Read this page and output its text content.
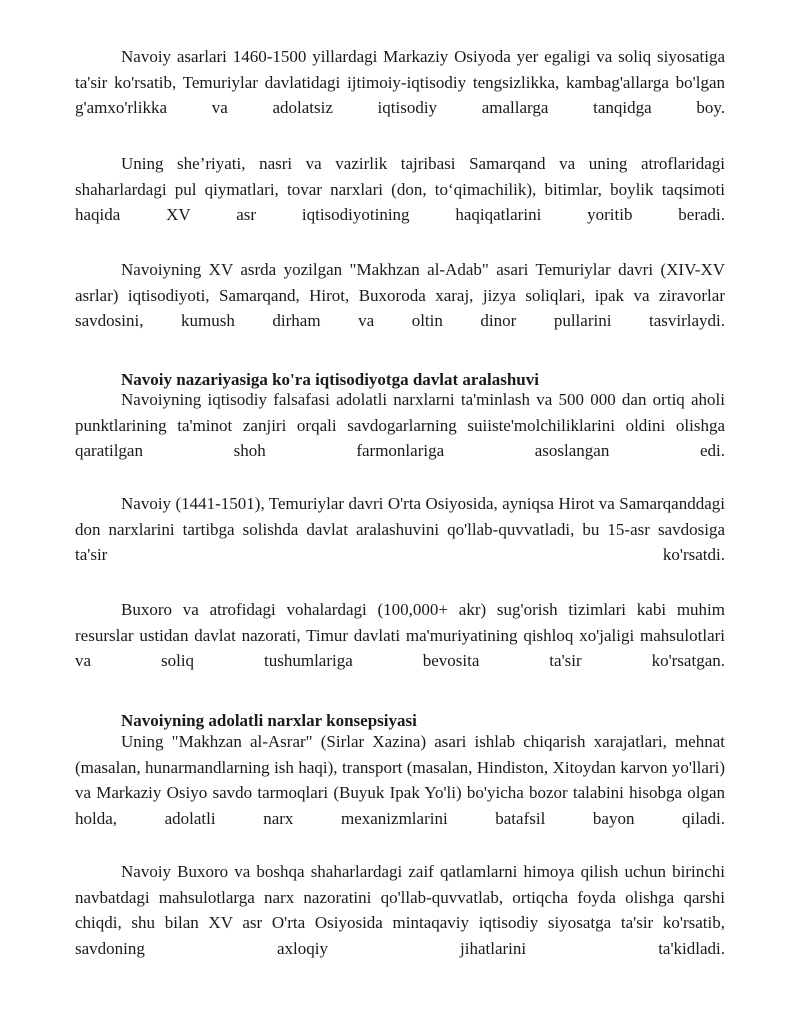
Navoiy asarlari 1460-1500 yillardagi Markaziy Osiyoda yer egaligi va soliq siyosatiga ta'sir ko'rsatib, Temuriylar davlatidagi ijtimoiy-iqtisodiy tengsizlikka, kambag'allarga bo'lgan g'amxo'rlikka va adolatsiz iqtisodiy amallarga tanqidga boy.

Uning she’riyati, nasri va vazirlik tajribasi Samarqand va uning atroflaridagi shaharlardagi pul qiymatlari, tovar narxlari (don, to‘qimachilik), bitimlar, boylik taqsimoti haqida XV asr iqtisodiyotining haqiqatlarini yoritib beradi.

Navoiyning XV asrda yozilgan "Makhzan al-Adab" asari Temuriylar davri (XIV-XV asrlar) iqtisodiyoti, Samarqand, Hirot, Buxoroda xaraj, jizya soliqlari, ipak va ziravorlar savdosini, kumush dirham va oltin dinor pullarini tasvirlaydi.

Navoiy nazariyasiga ko'ra iqtisodiyotga davlat aralashuvi

Navoiyning iqtisodiy falsafasi adolatli narxlarni ta'minlash va 500 000 dan ortiq aholi punktlarining ta'minot zanjiri orqali savdogarlarning suiiste'molchiliklarini oldini olishga qaratilgan shoh farmonlariga asoslangan edi.

Navoiy (1441-1501), Temuriylar davri O'rta Osiyosida, ayniqsa Hirot va Samarqanddagi don narxlarini tartibga solishda davlat aralashuvini qo'llab-quvvatladi, bu 15-asr savdosiga ta'sir ko'rsatdi.

Buxoro va atrofidagi vohalardagi (100,000+ akr) sug'orish tizimlari kabi muhim resurslar ustidan davlat nazorati, Timur davlati ma'muriyatining qishloq xo'jaligi mahsulotlari va soliq tushumlariga bevosita ta'sir ko'rsatgan.

Navoiyning adolatli narxlar konsepsiyasi

Uning "Makhzan al-Asrar" (Sirlar Xazina) asari ishlab chiqarish xarajatlari, mehnat (masalan, hunarmandlarning ish haqi), transport (masalan, Hindiston, Xitoydan karvon yo'llari) va Markaziy Osiyo savdo tarmoqlari (Buyuk Ipak Yo'li) bo'yicha bozor talabini hisobga olgan holda, adolatli narx mexanizmlarini batafsil bayon qiladi.

Navoiy Buxoro va boshqa shaharlardagi zaif qatlamlarni himoya qilish uchun birinchi navbatdagi mahsulotlarga narx nazoratini qo'llab-quvvatlab, ortiqcha foyda olishga qarshi chiqdi, shu bilan XV asr O'rta Osiyosida mintaqaviy iqtisodiy siyosatga ta'sir ko'rsatib, savdoning axloqiy jihatlarini ta'kidladi.
